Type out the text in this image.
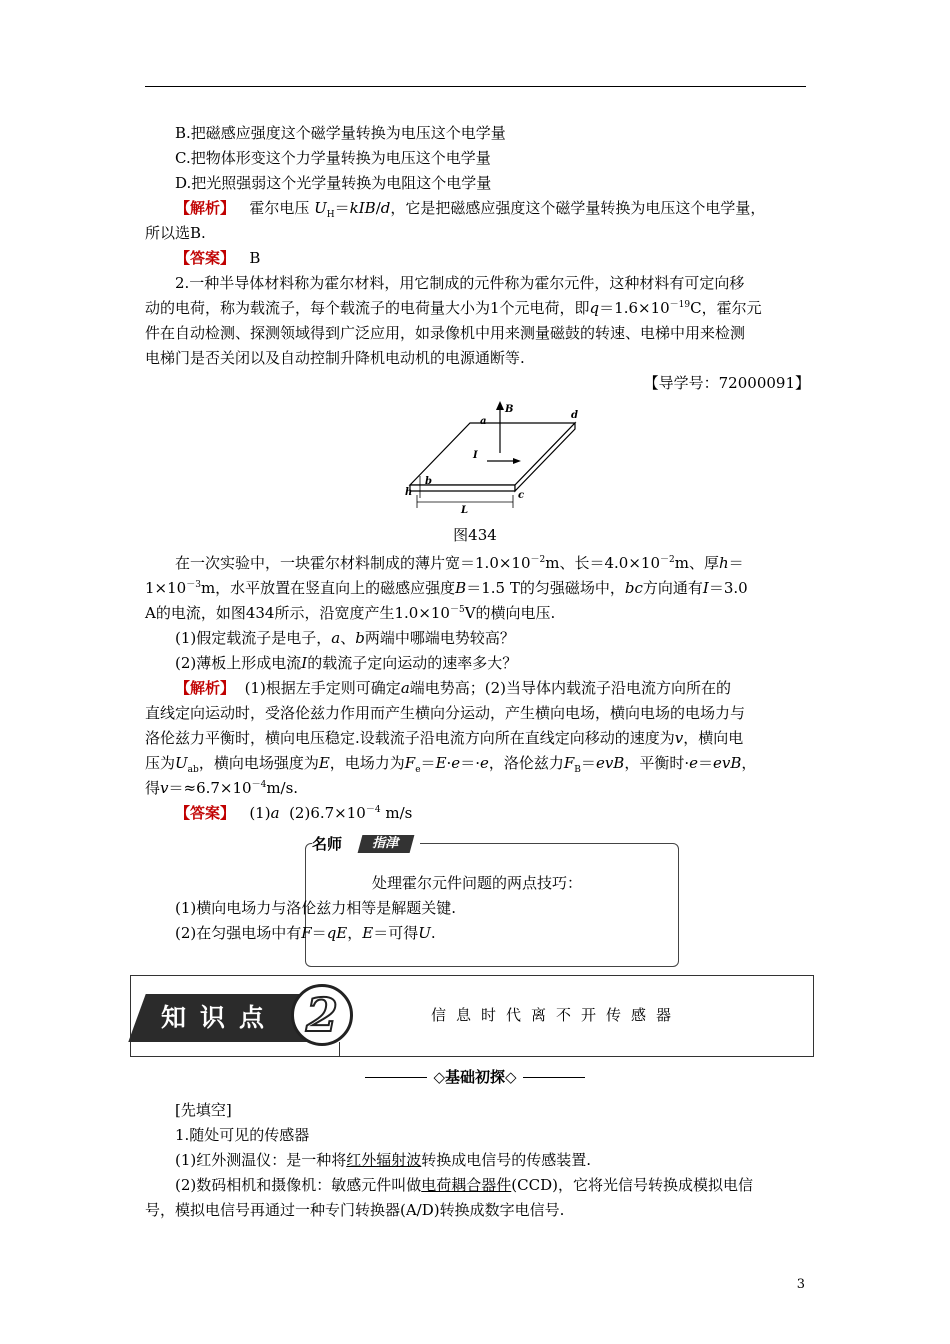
B.把磁感应强度这个磁学量转换为电压这个电学量
C.把物体形变这个力学量转换为电压这个电学量
D.把光照强弱这个光学量转换为电阻这个电学量
【解析】 霍尔电压 $U_H=kIB/d$，它是把磁感应强度这个磁学量转换为电压这个电学量，
所以选B.
【答案】 B
2.一种半导体材料称为霍尔材料，用它制成的元件称为霍尔元件，这种材料有可定向移
动的电荷，称为载流子，每个载流子的电荷量大小为1个元电荷，即$q=1.6\times 10^{-19}C$，霍尔元
件在自动检测、探测领域得到广泛应用，如录像机中用来测量磁鼓的转速、电梯中用来检测
电梯门是否关闭以及自动控制升降机电动机的电源通断等.
【导学号：72000091】
B
a
d
I
h
b
c
L
图434
在一次实验中，一块霍尔材料制成的薄片宽$=1.0\times 10^{-2}m$、长$=4.0\times 10^{-2}m$、厚h＝
$1\times 10^{-3}m$，水平放置在竖直向上的磁感应强度B＝1.5 T的匀强磁场中，bc方向通有I＝3.0
A的电流，如图434所示，沿宽度产生$1.0\times 10^{-5}V$的横向电压.
(1)假定载流子是电子，a、b两端中哪端电势较高？
(2)薄板上形成电流I的载流子定向运动的速率多大？
【解析】 (1)根据左手定则可确定a端电势高；(2)当导体内载流子沿电流方向所在的
直线定向运动时，受洛伦兹力作用而产生横向分运动，产生横向电场，横向电场的电场力与
洛伦兹力平衡时，横向电压稳定.设载流子沿电流方向所在直线定向移动的速度为v，横向电
压为$U_{ab}$，横向电场强度为E，电场力为$F_e=E\cdot e=\cdot e$，洛伦兹力$F_B=evB$，平衡时·e＝evB，
得$v=\approx 6.7\times 10^{-4}m/s$.
【答案】 (1)a $(2)6.7\times 10^{-4}$ m/s
名师	指津
处理霍尔元件问题的两点技巧：
(1)横向电场力与洛伦兹力相等是解题关键.
(2)在匀强电场中有F＝qE，E＝可得U.
知识点 2	信息时代离不开传感器
◇基础初探◇
[先填空]
1.随处可见的传感器
(1)红外测温仪：是一种将红外辐射波转换成电信号的传感装置.
(2)数码相机和摄像机：敏感元件叫做电荷耦合器件(CCD)，它将光信号转换成模拟电信
号，模拟电信号再通过一种专门转换器(A/D)转换成数字电信号.
3
